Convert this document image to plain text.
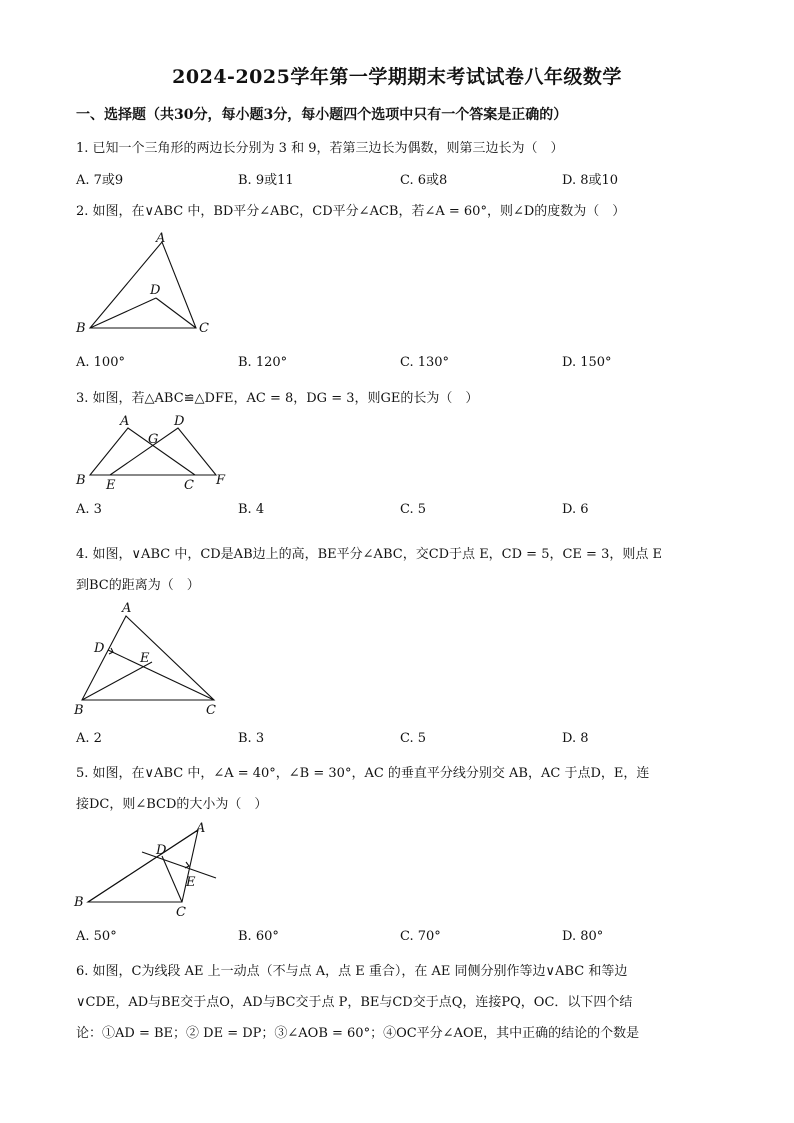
2024-2025学年第一学期期末考试试卷八年级数学
一、选择题（共30分，每小题3分，每小题四个选项中只有一个答案是正确的）
1. 已知一个三角形的两边长分别为 3 和 9，若第三边长为偶数，则第三边长为（　）
A. 7或9	B. 9或11	C. 6或8	D. 8或10
2. 如图，在∨ABC 中，BD平分∠ABC，CD平分∠ACB，若∠A = 60°，则∠D的度数为（　）
A
B	C
D
A. 100°	B. 120°	C. 130°	D. 150°
3. 如图，若△ABC≌△DFE，AC = 8，DG = 3，则GE的长为（　）
A	D
G
B E	C F
A. 3	B. 4	C. 5	D. 6
4. 如图，∨ABC 中，CD是AB边上的高，BE平分∠ABC，交CD于点 E，CD = 5，CE = 3，则点 E
到BC的距离为（　）
A
D
E
B	C
A. 2	B. 3	C. 5	D. 8
5. 如图，在∨ABC 中，∠A = 40°，∠B = 30°，AC 的垂直平分线分别交 AB，AC 于点D，E，连
接DC，则∠BCD的大小为（　）
A
D
E
B
C
A. 50°	B. 60°	C. 70°	D. 80°
6. 如图，C为线段 AE 上一动点（不与点 A，点 E 重合），在 AE 同侧分别作等边∨ABC 和等边
∨CDE，AD与BE交于点O，AD与BC交于点 P，BE与CD交于点Q，连接PQ，OC．以下四个结
论：①AD = BE；② DE = DP；③∠AOB = 60°；④OC平分∠AOE，其中正确的结论的个数是
